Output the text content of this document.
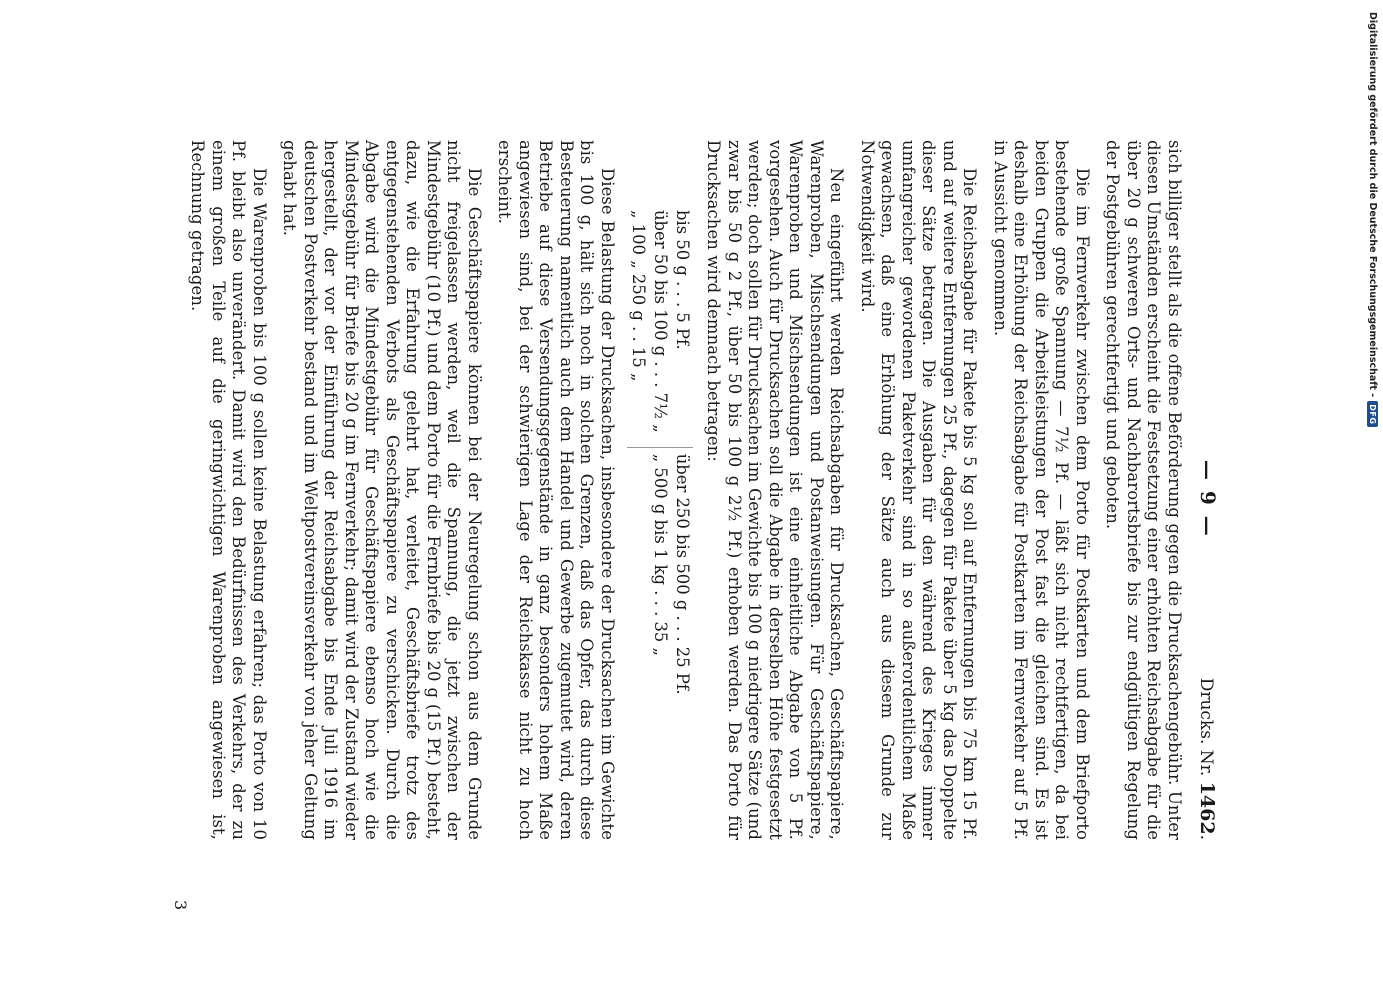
— 9 —
Drucks. Nr. 1462.

sich billiger stellt als die offene Beförderung gegen die Drucksachengebühr. Unter diesen Umständen erscheint die Festsetzung einer erhöhten Reichsabgabe für die über 20 g schweren Orts- und Nachbarortsbriefe bis zur endgültigen Regelung der Postgebühren gerechtfertigt und geboten.

Die im Fernverkehr zwischen dem Porto für Postkarten und dem Briefporto bestehende große Spannung — 7½ Pf. — läßt sich nicht rechtfertigen, da bei beiden Gruppen die Arbeitsleistungen der Post fast die gleichen sind. Es ist deshalb eine Erhöhung der Reichsabgabe für Postkarten im Fernverkehr auf 5 Pf. in Aussicht genommen.

Die Reichsabgabe für Pakete bis 5 kg soll auf Entfernungen bis 75 km 15 Pf. und auf weitere Entfernungen 25 Pf., dagegen für Pakete über 5 kg das Doppelte dieser Sätze betragen. Die Ausgaben für den während des Krieges immer umfangreicher gewordenen Paketverkehr sind in so außerordentlichem Maße gewachsen, daß eine Erhöhung der Sätze auch aus diesem Grunde zur Notwendigkeit wird.

Neu eingeführt werden Reichsabgaben für Drucksachen, Geschäftspapiere, Warenproben, Mischsendungen und Postanweisungen. Für Geschäftspapiere, Warenproben und Mischsendungen ist eine einheitliche Abgabe von 5 Pf. vorgesehen. Auch für Drucksachen soll die Abgabe in derselben Höhe festgesetzt werden; doch sollen für Drucksachen im Gewichte bis 100 g niedrigere Sätze (und zwar bis 50 g 2 Pf., über 50 bis 100 g 2½ Pf.) erhoben werden. Das Porto für Drucksachen wird demnach betragen:

bis 50 g . . . 5 Pf.
über 50 bis 100 g . . . 7½ „
„ 100 „ 250 g . . 15 „
über 250 bis 500 g . . . 25 Pf.
„ 500 g bis 1 kg . . . 35 „

Diese Belastung der Drucksachen, insbesondere der Drucksachen im Gewichte bis 100 g, hält sich noch in solchen Grenzen, daß das Opfer, das durch diese Besteuerung namentlich auch dem Handel und Gewerbe zugemutet wird, deren Betriebe auf diese Versendungsgegenstände in ganz besonders hohem Maße angewiesen sind, bei der schwierigen Lage der Reichskasse nicht zu hoch erscheint.

Die Geschäftspapiere können bei der Neuregelung schon aus dem Grunde nicht freigelassen werden, weil die Spannung, die jetzt zwischen der Mindestgebühr (10 Pf.) und dem Porto für die Fernbriefe bis 20 g (15 Pf.) besteht, dazu, wie die Erfahrung gelehrt hat, verleitet, Geschäftsbriefe trotz des entgegenstehenden Verbots als Geschäftspapiere zu verschicken. Durch die Abgabe wird die Mindestgebühr für Geschäftspapiere ebenso hoch wie die Mindestgebühr für Briefe bis 20 g im Fernverkehr; damit wird der Zustand wieder hergestellt, der vor der Einführung der Reichsabgabe bis Ende Juli 1916 im deutschen Postverkehr bestand und im Weltpostvereinsverkehr von jeher Geltung gehabt hat.

Die Warenproben bis 100 g sollen keine Belastung erfahren; das Porto von 10 Pf. bleibt also unverändert. Damit wird den Bedürfnissen des Verkehrs, der zu einem großen Teile auf die geringwichtigen Warenproben angewiesen ist, Rechnung getragen.

3
Digitalisierung gefördert durch die Deutsche Forschungsgemeinschaft -
DFG
